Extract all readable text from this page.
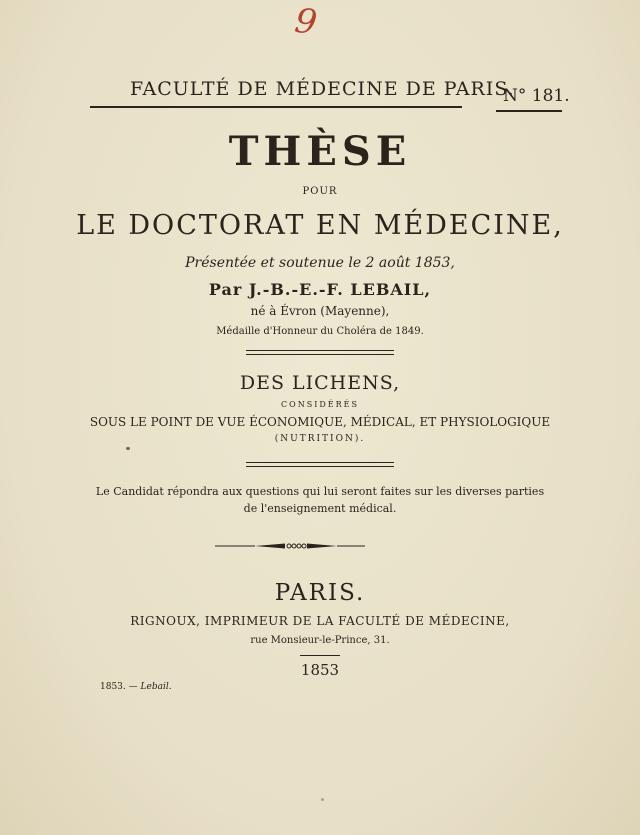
9
FACULTÉ DE MÉDECINE DE PARIS.
N° 181.
THÈSE
POUR
LE DOCTORAT EN MÉDECINE,
Présentée et soutenue le 2 août 1853,
Par J.-B.-E.-F. LEBAIL,
né à Évron (Mayenne),
Médaille d'Honneur du Choléra de 1849.
DES LICHENS,
CONSIDÉRÉS
SOUS LE POINT DE VUE ÉCONOMIQUE, MÉDICAL, ET PHYSIOLOGIQUE
(NUTRITION).
Le Candidat répondra aux questions qui lui seront faites sur les diverses parties
de l'enseignement médical.
PARIS.
RIGNOUX, IMPRIMEUR DE LA FACULTÉ DE MÉDECINE,
rue Monsieur-le-Prince, 31.
1853
1853. — Lebail.
